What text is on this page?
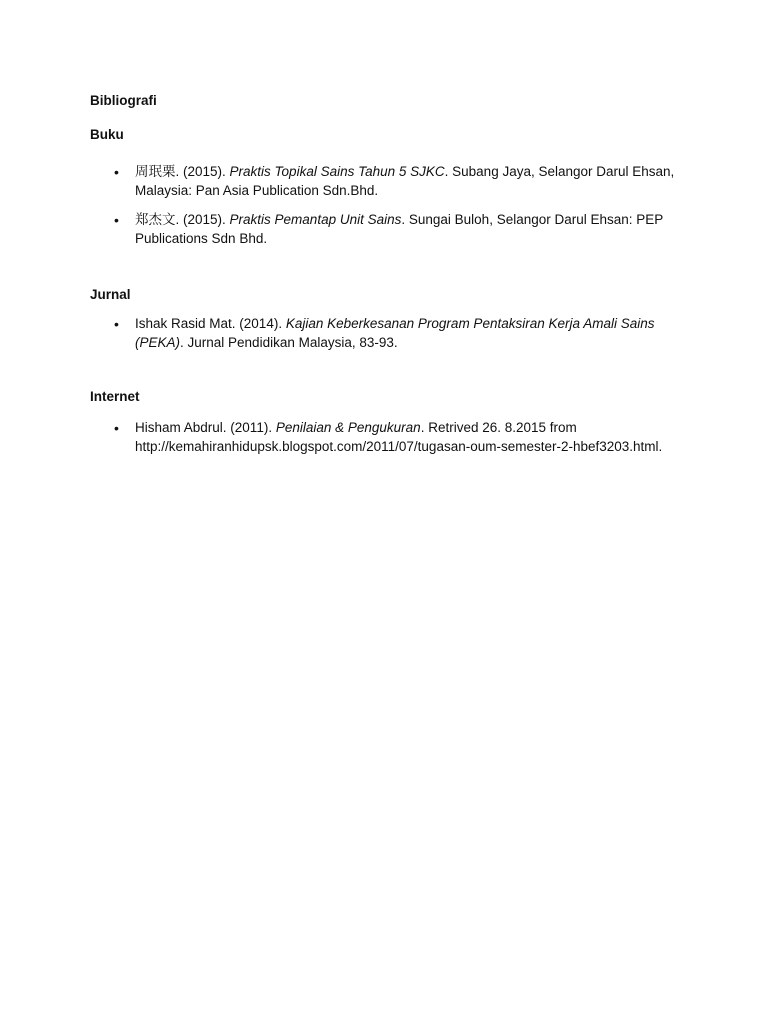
Bibliografi
Buku
•	周珉栗. (2015). Praktis Topikal Sains Tahun 5 SJKC. Subang Jaya, Selangor Darul Ehsan, Malaysia: Pan Asia Publication Sdn.Bhd.
•	郑杰文. (2015). Praktis Pemantap Unit Sains. Sungai Buloh, Selangor Darul Ehsan: PEP Publications Sdn Bhd.
Jurnal
•	Ishak Rasid Mat. (2014). Kajian Keberkesanan Program Pentaksiran Kerja Amali Sains (PEKA). Jurnal Pendidikan Malaysia, 83-93.
Internet
•	Hisham Abdrul. (2011). Penilaian & Pengukuran. Retrived 26. 8.2015 from http://kemahiranhidupsk.blogspot.com/2011/07/tugasan-oum-semester-2-hbef3203.html.
